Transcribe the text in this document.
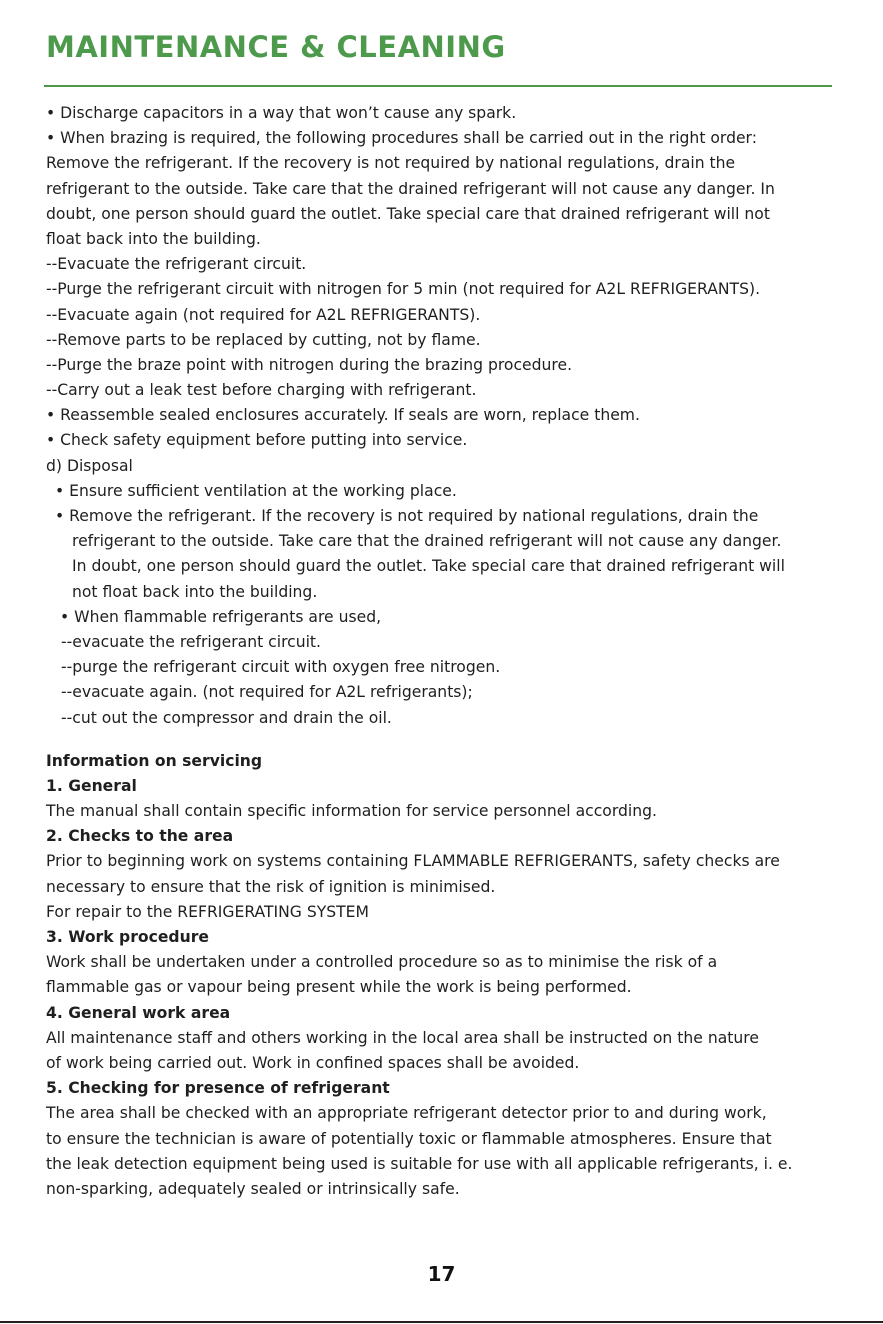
MAINTENANCE & CLEANING

• Discharge capacitors in a way that won’t cause any spark.

• When brazing is required, the following procedures shall be carried out in the right order:

Remove the refrigerant. If the recovery is not required by national regulations, drain the

refrigerant to the outside. Take care that the drained refrigerant will not cause any danger. In

doubt, one person should guard the outlet. Take special care that drained refrigerant will not

float back into the building.

--Evacuate the refrigerant circuit.

--Purge the refrigerant circuit with nitrogen for 5 min (not required for A2L REFRIGERANTS).

--Evacuate again (not required for A2L REFRIGERANTS).

--Remove parts to be replaced by cutting, not by flame.

--Purge the braze point with nitrogen during the brazing procedure.

--Carry out a leak test before charging with refrigerant.

• Reassemble sealed enclosures accurately. If seals are worn, replace them.

• Check safety equipment before putting into service.

d) Disposal

• Ensure sufficient ventilation at the working place.

• Remove the refrigerant. If the recovery is not required by national regulations, drain the

refrigerant to the outside. Take care that the drained refrigerant will not cause any danger.

In doubt, one person should guard the outlet. Take special care that drained refrigerant will

not float back into the building.

• When flammable refrigerants are used,

--evacuate the refrigerant circuit.

--purge the refrigerant circuit with oxygen free nitrogen.

--evacuate again. (not required for A2L refrigerants);

--cut out the compressor and drain the oil.

Information on servicing

1. General

The manual shall contain specific information for service personnel according.

2. Checks to the area

Prior to beginning work on systems containing FLAMMABLE REFRIGERANTS, safety checks are

necessary to ensure that the risk of ignition is minimised.

For repair to the REFRIGERATING SYSTEM

3. Work procedure

Work shall be undertaken under a controlled procedure so as to minimise the risk of a

flammable gas or vapour being present while the work is being performed.

4. General work area

All maintenance staff and others working in the local area shall be instructed on the nature

of work being carried out. Work in confined spaces shall be avoided.

5. Checking for presence of refrigerant

The area shall be checked with an appropriate refrigerant detector prior to and during work,

to ensure the technician is aware of potentially toxic or flammable atmospheres. Ensure that

the leak detection equipment being used is suitable for use with all applicable refrigerants, i. e.

non-sparking, adequately sealed or intrinsically safe.

17
